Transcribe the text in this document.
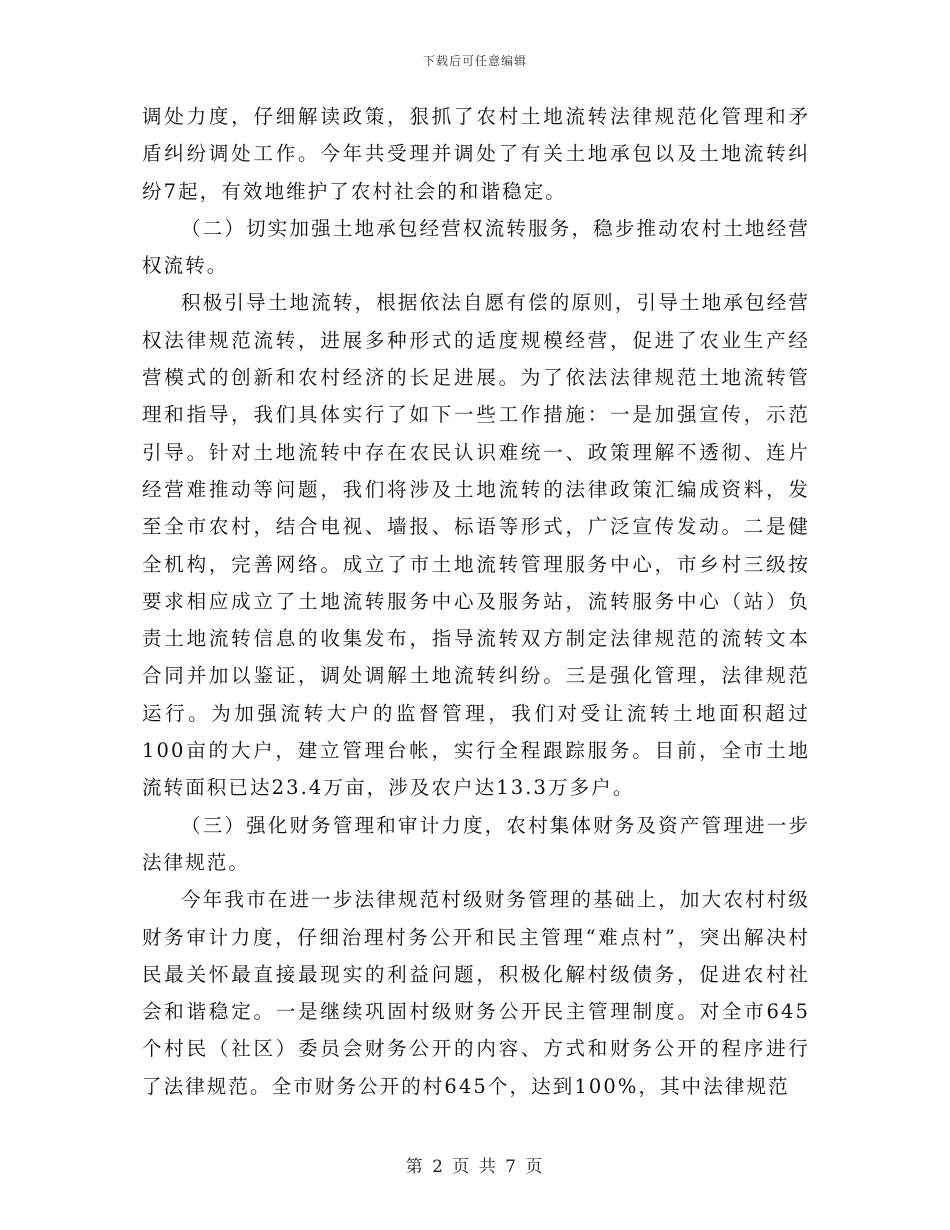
下载后可任意编辑

调处力度，仔细解读政策，狠抓了农村土地流转法律规范化管理和矛盾纠纷调处工作。今年共受理并调处了有关土地承包以及土地流转纠纷7起，有效地维护了农村社会的和谐稳定。

（二）切实加强土地承包经营权流转服务，稳步推动农村土地经营权流转。

积极引导土地流转，根据依法自愿有偿的原则，引导土地承包经营权法律规范流转，进展多种形式的适度规模经营，促进了农业生产经营模式的创新和农村经济的长足进展。为了依法法律规范土地流转管理和指导，我们具体实行了如下一些工作措施：一是加强宣传，示范引导。针对土地流转中存在农民认识难统一、政策理解不透彻、连片经营难推动等问题，我们将涉及土地流转的法律政策汇编成资料，发至全市农村，结合电视、墙报、标语等形式，广泛宣传发动。二是健全机构，完善网络。成立了市土地流转管理服务中心，市乡村三级按要求相应成立了土地流转服务中心及服务站，流转服务中心（站）负责土地流转信息的收集发布，指导流转双方制定法律规范的流转文本合同并加以鉴证，调处调解土地流转纠纷。三是强化管理，法律规范运行。为加强流转大户的监督管理，我们对受让流转土地面积超过100亩的大户，建立管理台帐，实行全程跟踪服务。目前，全市土地流转面积已达23.4万亩，涉及农户达13.3万多户。

（三）强化财务管理和审计力度，农村集体财务及资产管理进一步法律规范。

今年我市在进一步法律规范村级财务管理的基础上，加大农村村级财务审计力度，仔细治理村务公开和民主管理“难点村”，突出解决村民最关怀最直接最现实的利益问题，积极化解村级债务，促进农村社会和谐稳定。一是继续巩固村级财务公开民主管理制度。对全市645个村民（社区）委员会财务公开的内容、方式和财务公开的程序进行了法律规范。全市财务公开的村645个，达到100%，其中法律规范

第 2 页 共 7 页
